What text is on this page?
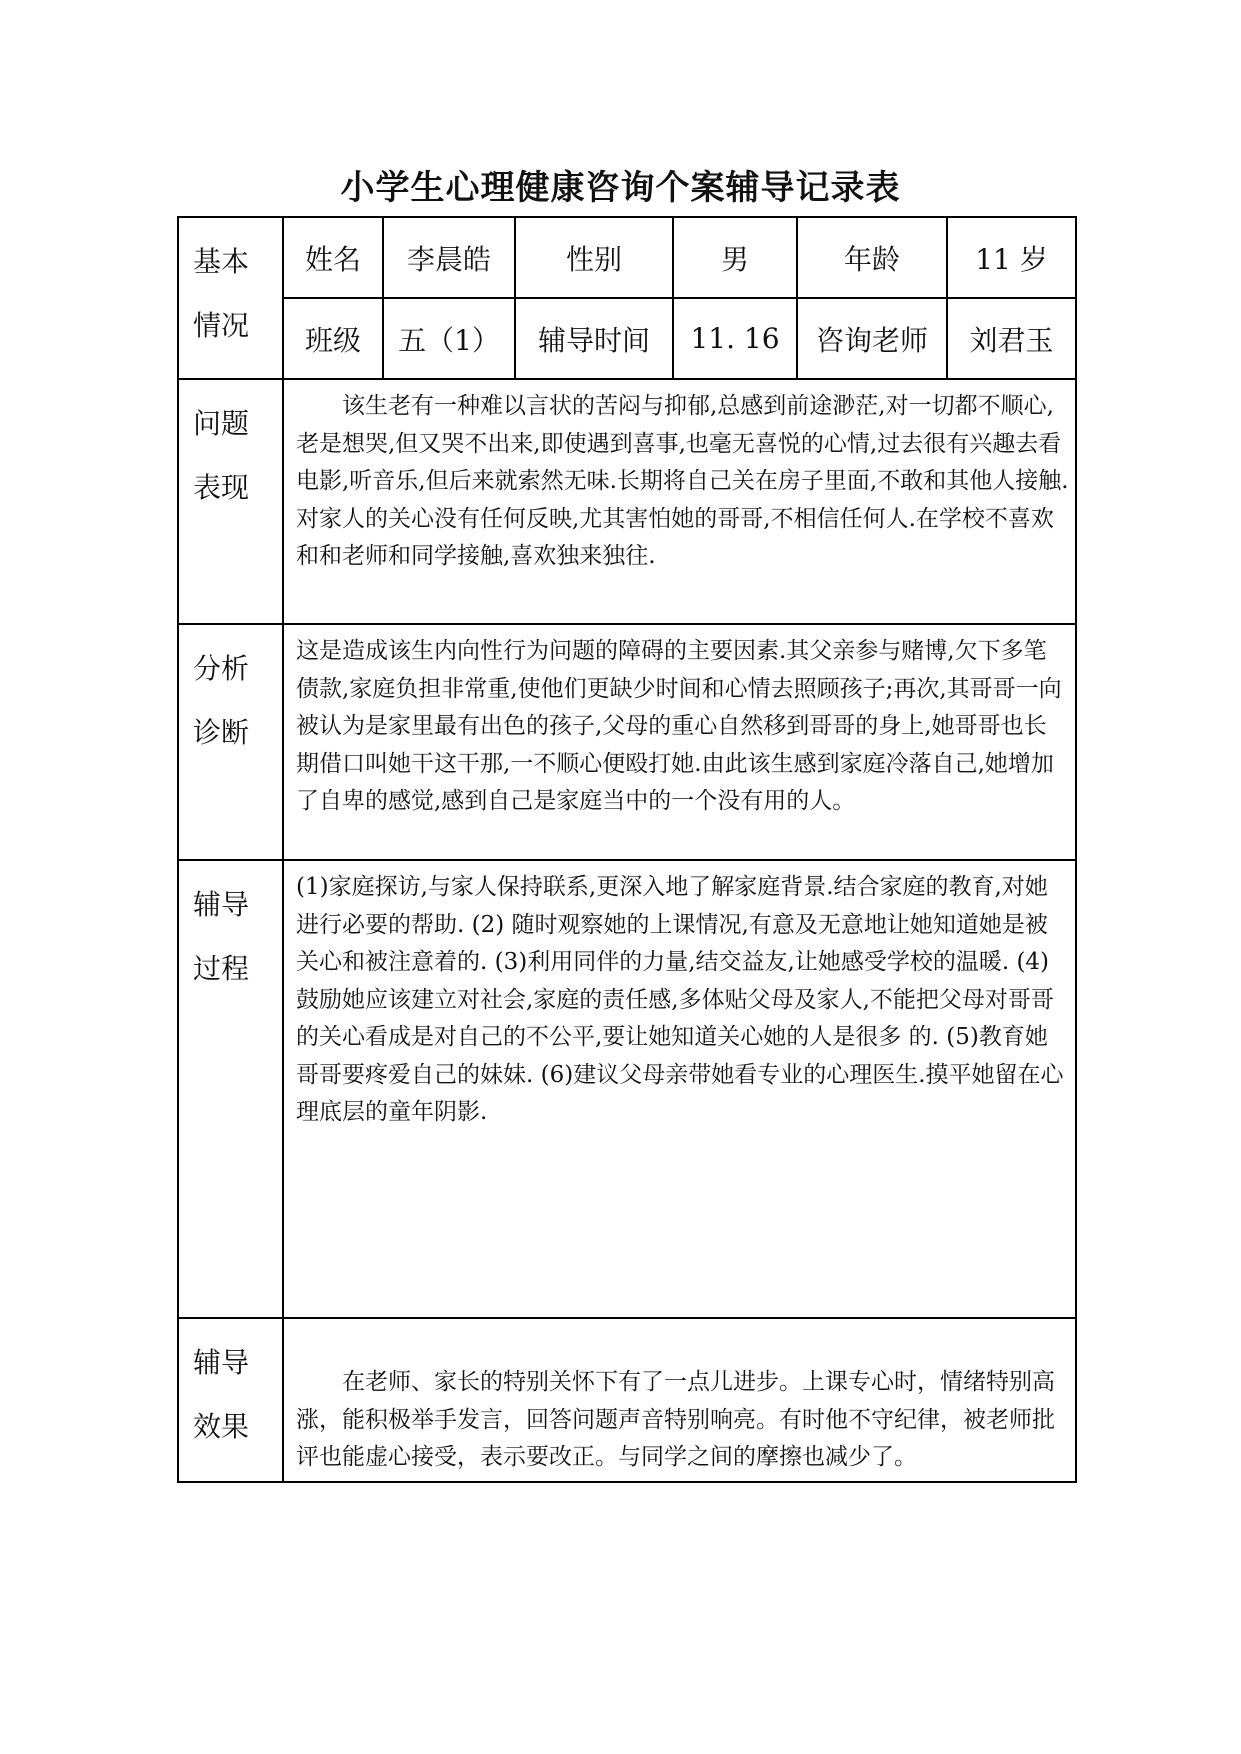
小学生心理健康咨询个案辅导记录表
基本
情况	姓名	李晨皓	性别	男	年龄	11 岁
	班级	五（1）	辅导时间	11. 16	咨询老师	刘君玉

问题
表现	该生老有一种难以言状的苦闷与抑郁,总感到前途渺茫,对一切都不顺心,老是想哭,但又哭不出来,即使遇到喜事,也毫无喜悦的心情,过去很有兴趣去看电影,听音乐,但后来就索然无味.长期将自己关在房子里面,不敢和其他人接触.对家人的关心没有任何反映,尤其害怕她的哥哥,不相信任何人.在学校不喜欢和和老师和同学接触,喜欢独来独往.					

分析
诊断	这是造成该生内向性行为问题的障碍的主要因素.其父亲参与赌博,欠下多笔债款,家庭负担非常重,使他们更缺少时间和心情去照顾孩子;再次,其哥哥一向被认为是家里最有出色的孩子,父母的重心自然移到哥哥的身上,她哥哥也长期借口叫她干这干那,一不顺心便殴打她.由此该生感到家庭冷落自己,她增加了自卑的感觉,感到自己是家庭当中的一个没有用的人。					

辅导
过程	(1)家庭探访,与家人保持联系,更深入地了解家庭背景.结合家庭的教育,对她进行必要的帮助. (2) 随时观察她的上课情况,有意及无意地让她知道她是被关心和被注意着的. (3)利用同伴的力量,结交益友,让她感受学校的温暖. (4)鼓励她应该建立对社会,家庭的责任感,多体贴父母及家人,不能把父母对哥哥的关心看成是对自己的不公平,要让她知道关心她的人是很多 的. (5)教育她哥哥要疼爱自己的妹妹. (6)建议父母亲带她看专业的心理医生.摸平她留在心理底层的童年阴影.					

辅导
效果	在老师、家长的特别关怀下有了一点儿进步。上课专心时，情绪特别高涨，能积极举手发言，回答问题声音特别响亮。有时他不守纪律，被老师批评也能虚心接受，表示要改正。与同学之间的摩擦也减少了。					
